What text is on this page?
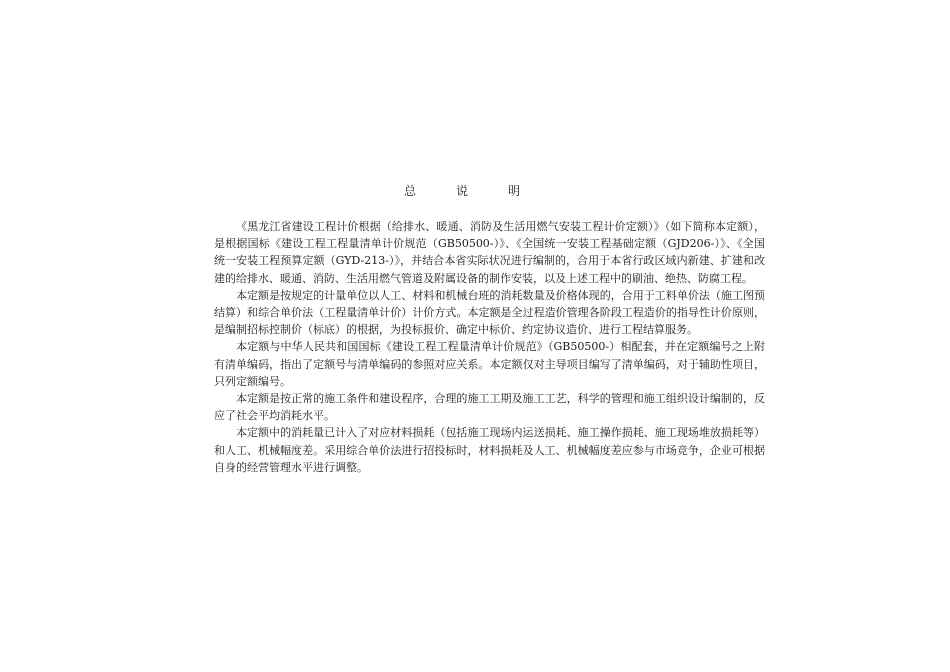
总说明

《黑龙江省建设工程计价根据（给排水、暖通、消防及生活用燃气安装工程计价定额）》（如下简称本定额），是根据国标《建设工程工程量清单计价规范（GB50500-）》、《全国统一安装工程基础定额（GJD206-）》、《全国统一安装工程预算定额（GYD-213-）》，并结合本省实际状况进行编制的，合用于本省行政区域内新建、扩建和改建的给排水、暖通、消防、生活用燃气管道及附属设备的制作安装，以及上述工程中的刷油、绝热、防腐工程。

本定额是按规定的计量单位以人工、材料和机械台班的消耗数量及价格体现的，合用于工料单价法（施工图预结算）和综合单价法（工程量清单计价）计价方式。本定额是全过程造价管理各阶段工程造价的指导性计价原则，是编制招标控制价（标底）的根据，为投标报价、确定中标价、约定协议造价、进行工程结算服务。

本定额与中华人民共和国国标《建设工程工程量清单计价规范》（GB50500-）相配套，并在定额编号之上附有清单编码，指出了定额号与清单编码的参照对应关系。本定额仅对主导项目编写了清单编码，对于辅助性项目，只列定额编号。

本定额是按正常的施工条件和建设程序，合理的施工工期及施工工艺，科学的管理和施工组织设计编制的，反应了社会平均消耗水平。

本定额中的消耗量已计入了对应材料损耗（包括施工现场内运送损耗、施工操作损耗、施工现场堆放损耗等）和人工、机械幅度差。采用综合单价法进行招投标时，材料损耗及人工、机械幅度差应参与市场竞争，企业可根据自身的经营管理水平进行调整。
